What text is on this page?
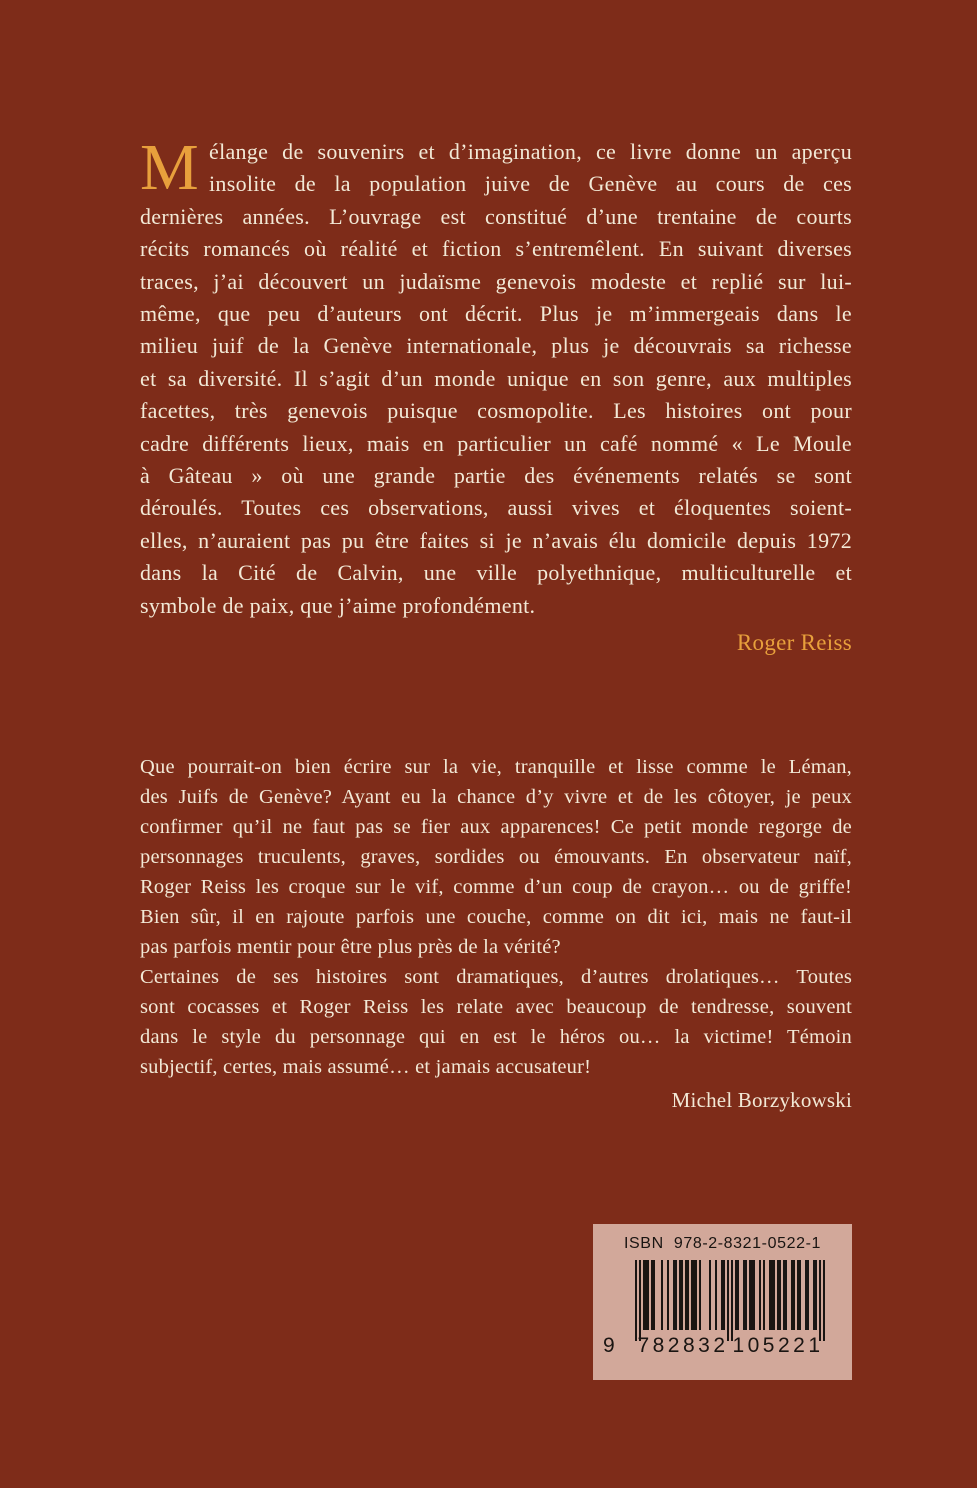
M élange de souvenirs et d’imagination, ce livre donne un aperçu
insolite de la population juive de Genève au cours de ces
dernières années. L’ouvrage est constitué d’une trentaine de courts
récits romancés où réalité et fiction s’entremêlent. En suivant diverses
traces, j’ai découvert un judaïsme genevois modeste et replié sur lui-
même, que peu d’auteurs ont décrit. Plus je m’immergeais dans le
milieu juif de la Genève internationale, plus je découvrais sa richesse
et sa diversité. Il s’agit d’un monde unique en son genre, aux multiples
facettes, très genevois puisque cosmopolite. Les histoires ont pour
cadre différents lieux, mais en particulier un café nommé « Le Moule
à Gâteau » où une grande partie des événements relatés se sont
déroulés. Toutes ces observations, aussi vives et éloquentes soient-
elles, n’auraient pas pu être faites si je n’avais élu domicile depuis 1972
dans la Cité de Calvin, une ville polyethnique, multiculturelle et
symbole de paix, que j’aime profondément.
Roger Reiss
Que pourrait-on bien écrire sur la vie, tranquille et lisse comme le Léman,
des Juifs de Genève? Ayant eu la chance d’y vivre et de les côtoyer, je peux
confirmer qu’il ne faut pas se fier aux apparences! Ce petit monde regorge de
personnages truculents, graves, sordides ou émouvants. En observateur naïf,
Roger Reiss les croque sur le vif, comme d’un coup de crayon… ou de griffe!
Bien sûr, il en rajoute parfois une couche, comme on dit ici, mais ne faut-il
pas parfois mentir pour être plus près de la vérité?
Certaines de ses histoires sont dramatiques, d’autres drolatiques… Toutes
sont cocasses et Roger Reiss les relate avec beaucoup de tendresse, souvent
dans le style du personnage qui en est le héros ou… la victime! Témoin
subjectif, certes, mais assumé… et jamais accusateur!
Michel Borzykowski
ISBN  978-2-8321-0522-1
9 782832 105221
